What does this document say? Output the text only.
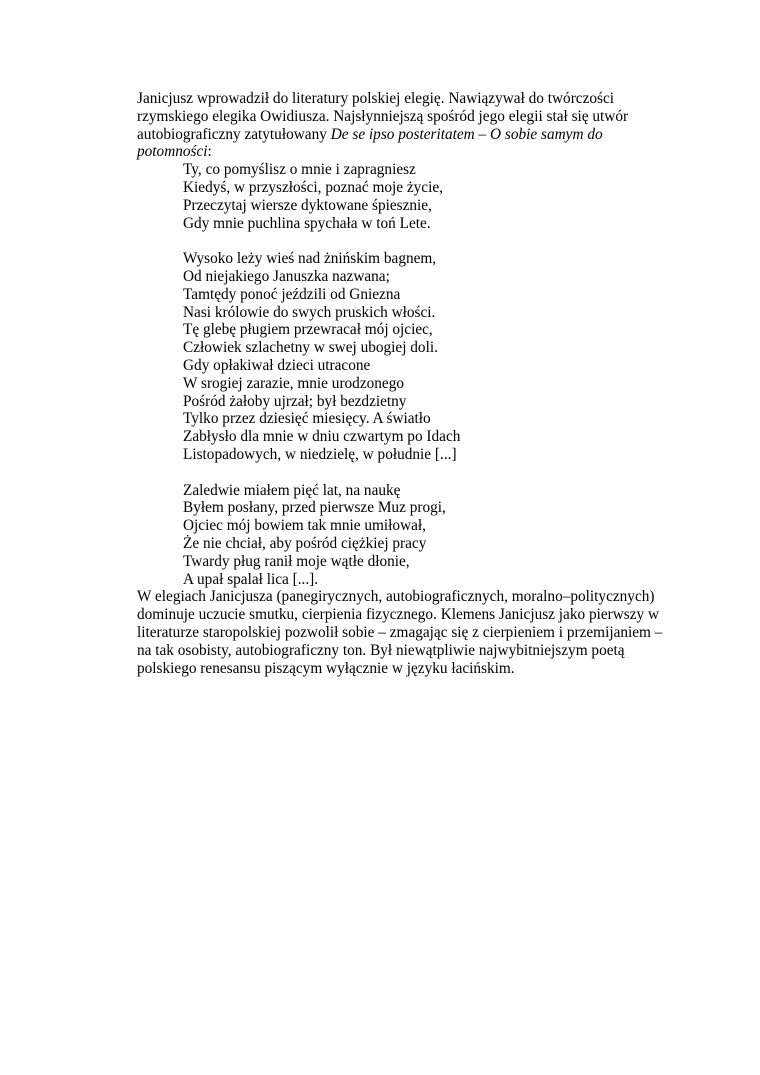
Janicjusz wprowadził do literatury polskiej elegię. Nawiązywał do twórczości rzymskiego elegika Owidiusza. Najsłynniejszą spośród jego elegii stał się utwór autobiograficzny zatytułowany De se ipso posteritatem – O sobie samym do potomności:

Ty, co pomyślisz o mnie i zapragniesz
Kiedyś, w przyszłości, poznać moje życie,
Przeczytaj wiersze dyktowane śpiesznie,
Gdy mnie puchlina spychała w toń Lete.
Wysoko leży wieś nad żnińskim bagnem,
Od niejakiego Januszka nazwana;
Tamtędy ponoć jeździli od Gniezna
Nasi królowie do swych pruskich włości.
Tę glebę pługiem przewracał mój ojciec,
Człowiek szlachetny w swej ubogiej doli.
Gdy opłakiwał dzieci utracone
W srogiej zarazie, mnie urodzonego
Pośród żałoby ujrzał; był bezdzietny
Tylko przez dziesięć miesięcy. A światło
Zabłysło dla mnie w dniu czwartym po Idach
Listopadowych, w niedzielę, w południe [...]
Zaledwie miałem pięć lat, na naukę
Byłem posłany, przed pierwsze Muz progi,
Ojciec mój bowiem tak mnie umiłował,
Że nie chciał, aby pośród ciężkiej pracy
Twardy pług ranił moje wątłe dłonie,
A upał spalał lica [...].

W elegiach Janicjusza (panegirycznych, autobiograficznych, moralno–politycznych) dominuje uczucie smutku, cierpienia fizycznego. Klemens Janicjusz jako pierwszy w literaturze staropolskiej pozwolił sobie – zmagając się z cierpieniem i przemijaniem – na tak osobisty, autobiograficzny ton. Był niewątpliwie najwybitniejszym poetą polskiego renesansu piszącym wyłącznie w języku łacińskim.
